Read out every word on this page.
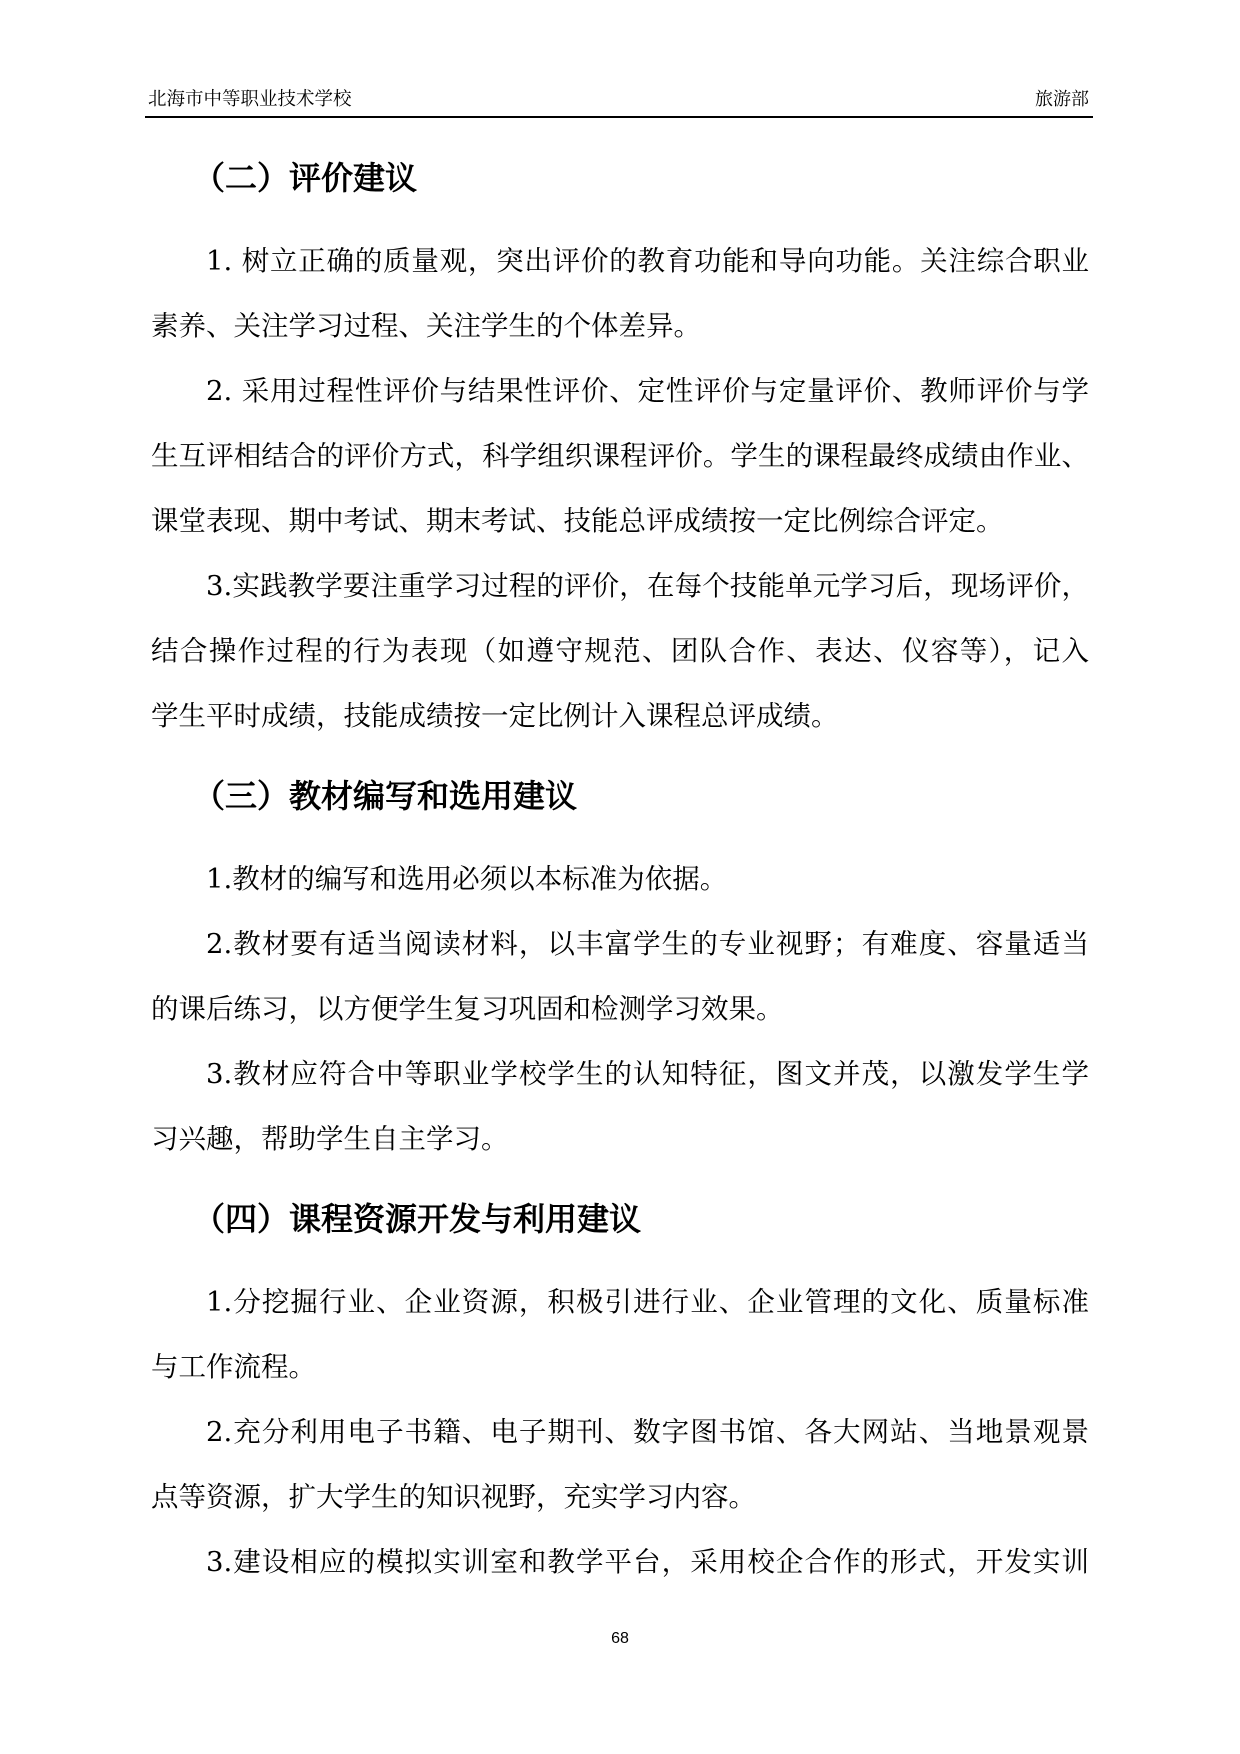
北海市中等职业技术学校	旅游部
（二）评价建议
1. 树立正确的质量观，突出评价的教育功能和导向功能。关注综合职业
素养、关注学习过程、关注学生的个体差异。
2. 采用过程性评价与结果性评价、定性评价与定量评价、教师评价与学
生互评相结合的评价方式，科学组织课程评价。学生的课程最终成绩由作业、
课堂表现、期中考试、期末考试、技能总评成绩按一定比例综合评定。
3.实践教学要注重学习过程的评价，在每个技能单元学习后，现场评价，
结合操作过程的行为表现（如遵守规范、团队合作、表达、仪容等），记入
学生平时成绩，技能成绩按一定比例计入课程总评成绩。
（三）教材编写和选用建议
1.教材的编写和选用必须以本标准为依据。
2.教材要有适当阅读材料，以丰富学生的专业视野；有难度、容量适当
的课后练习，以方便学生复习巩固和检测学习效果。
3.教材应符合中等职业学校学生的认知特征，图文并茂，以激发学生学
习兴趣，帮助学生自主学习。
（四）课程资源开发与利用建议
1.分挖掘行业、企业资源，积极引进行业、企业管理的文化、质量标准
与工作流程。
2.充分利用电子书籍、电子期刊、数字图书馆、各大网站、当地景观景
点等资源，扩大学生的知识视野，充实学习内容。
3.建设相应的模拟实训室和教学平台，采用校企合作的形式，开发实训
68
